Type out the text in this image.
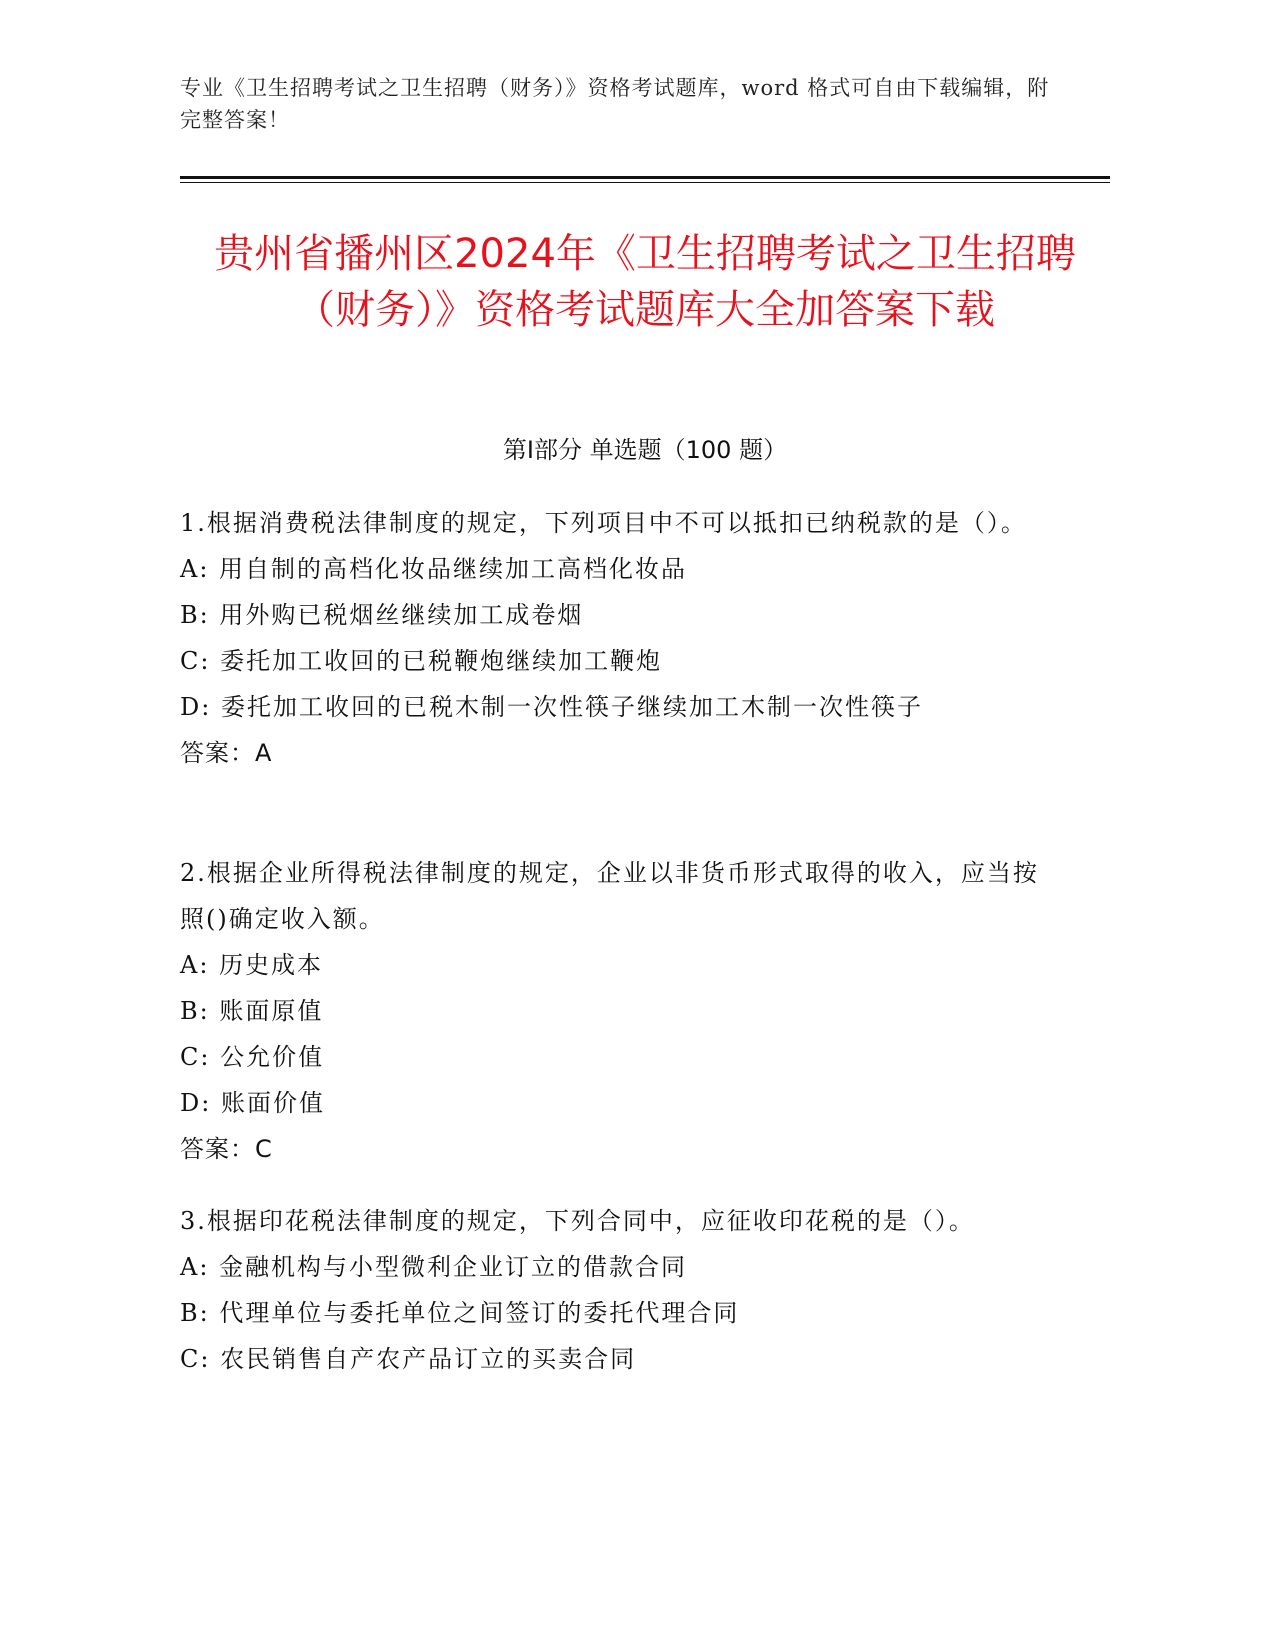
专业《卫生招聘考试之卫生招聘（财务）》资格考试题库，word 格式可自由下载编辑，附完整答案！
贵州省播州区2024年《卫生招聘考试之卫生招聘（财务）》资格考试题库大全加答案下载
第Ⅰ部分 单选题（100 题）
1.根据消费税法律制度的规定，下列项目中不可以抵扣已纳税款的是（）。
A: 用自制的高档化妆品继续加工高档化妆品
B: 用外购已税烟丝继续加工成卷烟
C: 委托加工收回的已税鞭炮继续加工鞭炮
D: 委托加工收回的已税木制一次性筷子继续加工木制一次性筷子
答案：A
2.根据企业所得税法律制度的规定，企业以非货币形式取得的收入，应当按照()确定收入额。
A: 历史成本
B: 账面原值
C: 公允价值
D: 账面价值
答案：C
3.根据印花税法律制度的规定，下列合同中，应征收印花税的是（）。
A: 金融机构与小型微利企业订立的借款合同
B: 代理单位与委托单位之间签订的委托代理合同
C: 农民销售自产农产品订立的买卖合同
